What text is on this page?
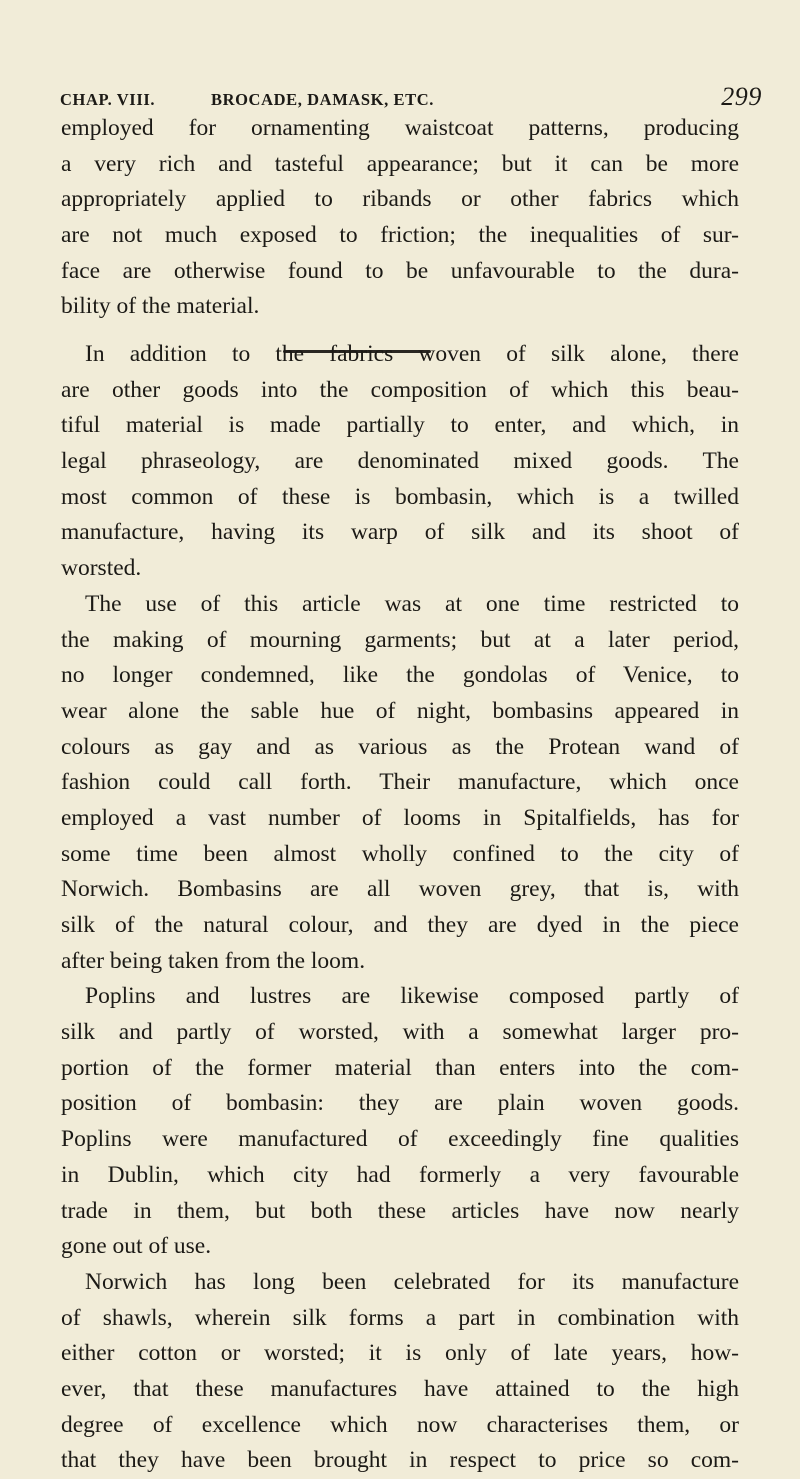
CHAP. VIII.	BROCADE, DAMASK, ETC.	299
employed for ornamenting waistcoat patterns, producing
a very rich and tasteful appearance; but it can be more
appropriately applied to ribands or other fabrics which
are not much exposed to friction; the inequalities of sur-
face are otherwise found to be unfavourable to the dura-
bility of the material.
In addition to the fabrics woven of silk alone, there
are other goods into the composition of which this beau-
tiful material is made partially to enter, and which, in
legal phraseology, are denominated mixed goods. The
most common of these is bombasin, which is a twilled
manufacture, having its warp of silk and its shoot of
worsted.
The use of this article was at one time restricted to
the making of mourning garments; but at a later period,
no longer condemned, like the gondolas of Venice, to
wear alone the sable hue of night, bombasins appeared in
colours as gay and as various as the Protean wand of
fashion could call forth. Their manufacture, which once
employed a vast number of looms in Spitalfields, has for
some time been almost wholly confined to the city of
Norwich. Bombasins are all woven grey, that is, with
silk of the natural colour, and they are dyed in the piece
after being taken from the loom.
Poplins and lustres are likewise composed partly of
silk and partly of worsted, with a somewhat larger pro-
portion of the former material than enters into the com-
position of bombasin: they are plain woven goods.
Poplins were manufactured of exceedingly fine qualities
in Dublin, which city had formerly a very favourable
trade in them, but both these articles have now nearly
gone out of use.
Norwich has long been celebrated for its manufacture
of shawls, wherein silk forms a part in combination with
either cotton or worsted; it is only of late years, how-
ever, that these manufactures have attained to the high
degree of excellence which now characterises them, or
that they have been brought in respect to price so com-
